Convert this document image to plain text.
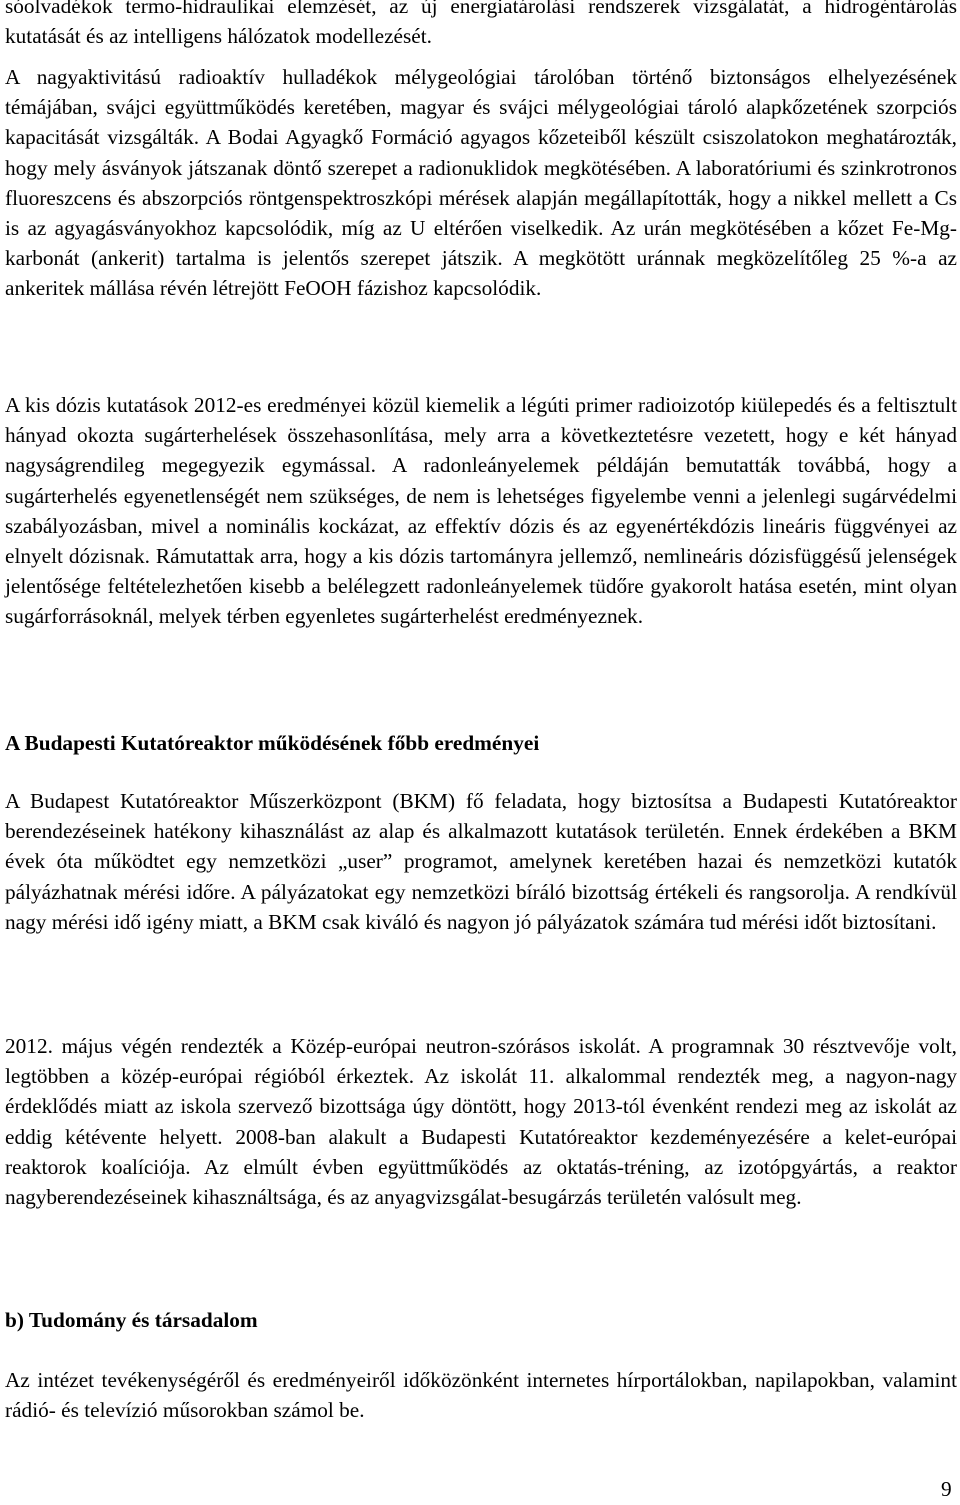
sóolvadékok termo-hidraulikai elemzését, az új energiatárolási rendszerek vizsgálatát, a hidrogéntárolás kutatását és az intelligens hálózatok modellezését.

A nagyaktivitású radioaktív hulladékok mélygeológiai tárolóban történő biztonságos elhelyezésének témájában, svájci együttműködés keretében, magyar és svájci mélygeológiai tároló alapkőzetének szorpciós kapacitását vizsgálták. A Bodai Agyagkő Formáció agyagos kőzeteiből készült csiszolatokon meghatározták, hogy mely ásványok játszanak döntő szerepet a radionuklidok megkötésében. A laboratóriumi és szinkrotronos fluoreszcens és abszorpciós röntgenspektroszkópi mérések alapján megállapították, hogy a nikkel mellett a Cs is az agyagásványokhoz kapcsolódik, míg az U eltérően viselkedik. Az urán megkötésében a kőzet Fe-Mg-karbonát (ankerit) tartalma is jelentős szerepet játszik. A megkötött uránnak megközelítőleg 25 %-a az ankeritek mállása révén létrejött FeOOH fázishoz kapcsolódik.

A kis dózis kutatások 2012-es eredményei közül kiemelik a légúti primer radioizotóp kiülepedés és a feltisztult hányad okozta sugárterhelések összehasonlítása, mely arra a következtetésre vezetett, hogy e két hányad nagyságrendileg megegyezik egymással. A radonleányelemek példáján bemutatták továbbá, hogy a sugárterhelés egyenetlenségét nem szükséges, de nem is lehetséges figyelembe venni a jelenlegi sugárvédelmi szabályozásban, mivel a nominális kockázat, az effektív dózis és az egyenértékdózis lineáris függvényei az elnyelt dózisnak. Rámutattak arra, hogy a kis dózis tartományra jellemző, nemlineáris dózisfüggésű jelenségek jelentősége feltételezhetően kisebb a belélegzett radonleányelemek tüdőre gyakorolt hatása esetén, mint olyan sugárforrásoknál, melyek térben egyenletes sugárterhelést eredményeznek.

A Budapesti Kutatóreaktor működésének főbb eredményei

A Budapest Kutatóreaktor Műszerközpont (BKM) fő feladata, hogy biztosítsa a Budapesti Kutatóreaktor berendezéseinek hatékony kihasználást az alap és alkalmazott kutatások területén. Ennek érdekében a BKM évek óta működtet egy nemzetközi „user” programot, amelynek keretében hazai és nemzetközi kutatók pályázhatnak mérési időre. A pályázatokat egy nemzetközi bíráló bizottság értékeli és rangsorolja. A rendkívül nagy mérési idő igény miatt, a BKM csak kiváló és nagyon jó pályázatok számára tud mérési időt biztosítani.

2012. május végén rendezték a Közép-európai neutron-szórásos iskolát. A programnak 30 résztvevője volt, legtöbben a közép-európai régióból érkeztek. Az iskolát 11. alkalommal rendezték meg, a nagyon-nagy érdeklődés miatt az iskola szervező bizottsága úgy döntött, hogy 2013-tól évenként rendezi meg az iskolát az eddig kétévente helyett. 2008-ban alakult a Budapesti Kutatóreaktor kezdeményezésére a kelet-európai reaktorok koalíciója. Az elmúlt évben együttműködés az oktatás-tréning, az izotópgyártás, a reaktor nagyberendezéseinek kihasználtsága, és az anyagvizsgálat-besugárzás területén valósult meg.

b) Tudomány és társadalom

Az intézet tevékenységéről és eredményeiről időközönként internetes hírportálokban, napilapokban, valamint rádió- és televízió műsorokban számol be.

9
